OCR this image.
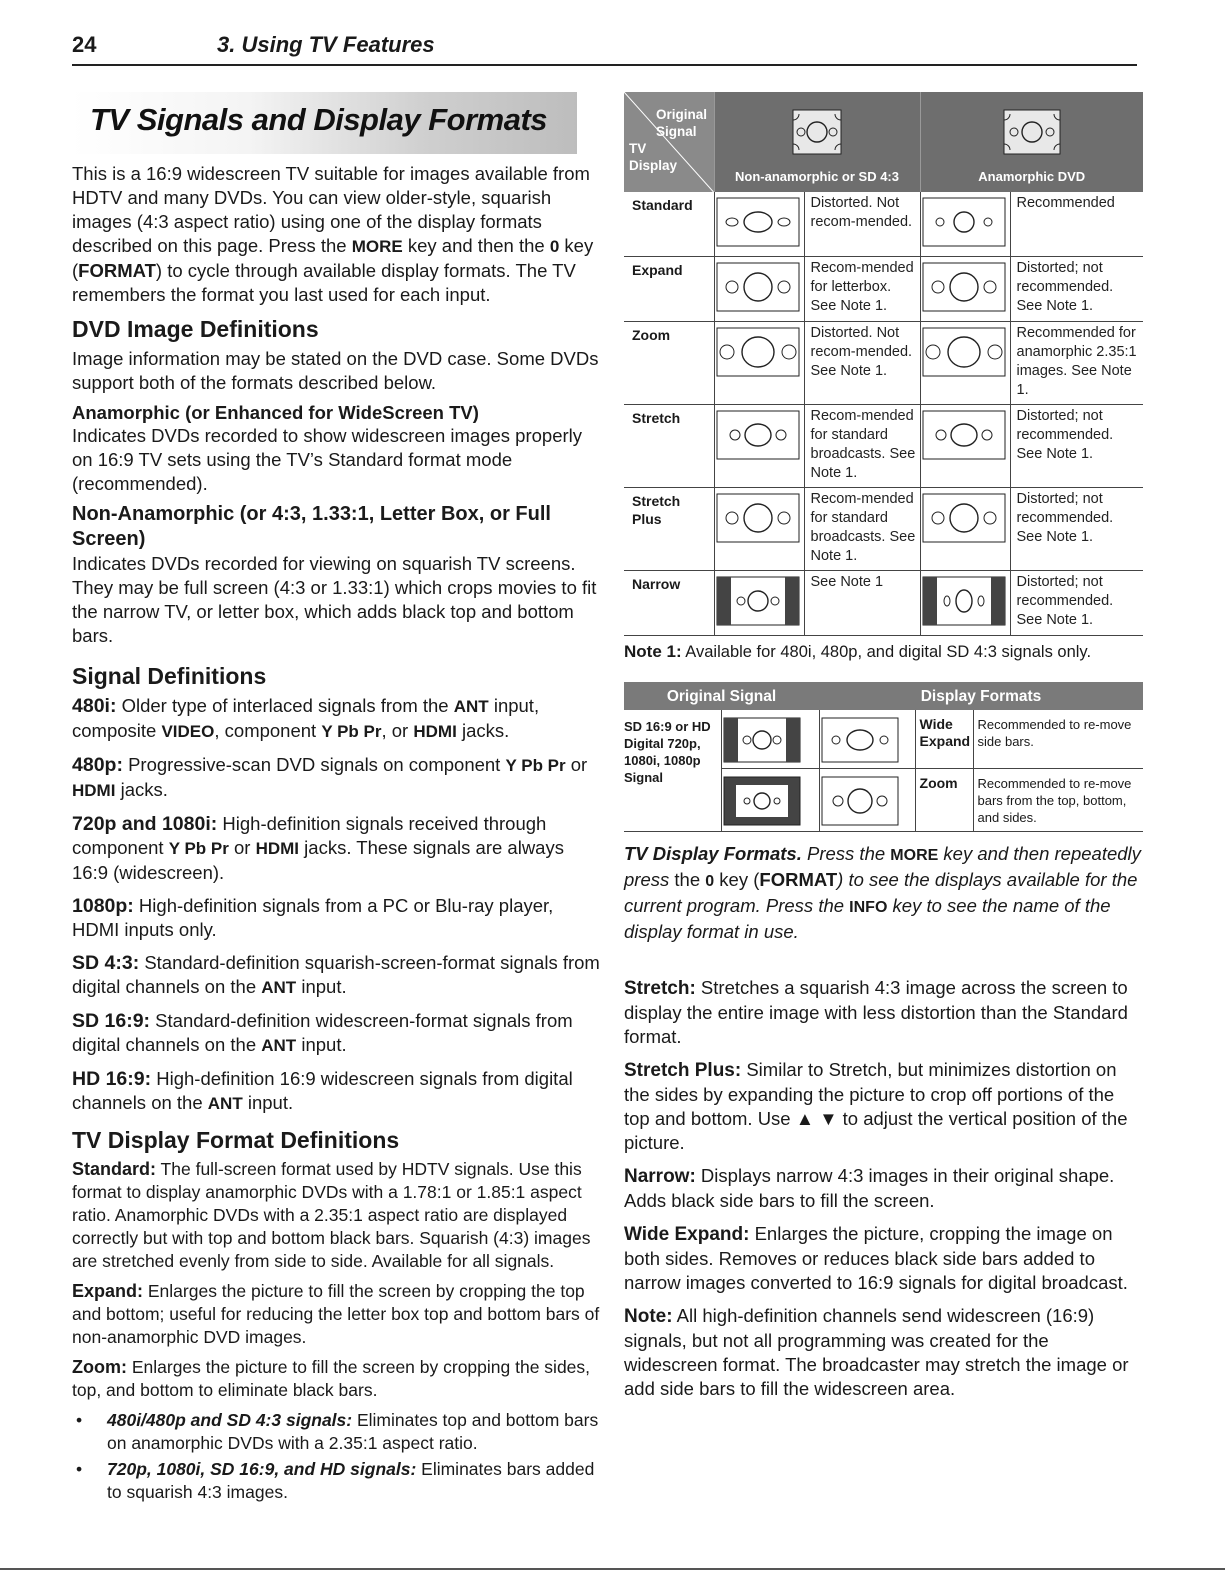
24	3. Using TV Features
TV Signals and Display Formats

This is a 16:9 widescreen TV suitable for images available from HDTV and many DVDs. You can view older-style, squarish images (4:3 aspect ratio) using one of the display formats described on this page. Press the MORE key and then the 0 key (FORMAT) to cycle through available display formats. The TV remembers the format you last used for each input.

DVD Image Definitions

Image information may be stated on the DVD case. Some DVDs support both of the formats described below.

Anamorphic (or Enhanced for WideScreen TV)

Indicates DVDs recorded to show widescreen images properly on 16:9 TV sets using the TV’s Standard format mode (recommended).

Non-Anamorphic (or 4:3, 1.33:1, Letter Box, or Full Screen)

Indicates DVDs recorded for viewing on squarish TV screens. They may be full screen (4:3 or 1.33:1) which crops movies to fit the narrow TV, or letter box, which adds black top and bottom bars.

Signal Definitions

480i: Older type of interlaced signals from the ANT input, composite VIDEO, component Y Pb Pr, or HDMI jacks.

480p: Progressive-scan DVD signals on component Y Pb Pr or HDMI jacks.

720p and 1080i: High-definition signals received through component Y Pb Pr or HDMI jacks. These signals are always 16:9 (widescreen).

1080p: High-definition signals from a PC or Blu-ray player, HDMI inputs only.

SD 4:3: Standard-definition squarish-screen-format signals from digital channels on the ANT input.

SD 16:9: Standard-definition widescreen-format signals from digital channels on the ANT input.

HD 16:9: High-definition 16:9 widescreen signals from digital channels on the ANT input.

TV Display Format Definitions

Standard: The full-screen format used by HDTV signals. Use this format to display anamorphic DVDs with a 1.78:1 or 1.85:1 aspect ratio. Anamorphic DVDs with a 2.35:1 aspect ratio are displayed correctly but with top and bottom black bars. Squarish (4:3) images are stretched evenly from side to side. Available for all signals.

Expand: Enlarges the picture to fill the screen by cropping the top and bottom; useful for reducing the letter box top and bottom bars of non-anamorphic DVD images.

Zoom: Enlarges the picture to fill the screen by cropping the sides, top, and bottom to eliminate black bars.

• 480i/480p and SD 4:3 signals: Eliminates top and bottom bars on anamorphic DVDs with a 2.35:1 aspect ratio.
• 720p, 1080i, SD 16:9, and HD signals: Eliminates bars added to squarish 4:3 images.
Original
Signal
TV
Display	Non-anamorphic or SD 4:3		Anamorphic DVD	

Standard		Distorted. Not recom-mended.		Recommended
Expand		Recom-mended for letterbox. See Note 1.		Distorted; not recommended. See Note 1.
Zoom		Distorted. Not recom-mended. See Note 1.		Recommended for anamorphic 2.35:1 images. See Note 1.
Stretch		Recom-mended for standard broadcasts. See Note 1.		Distorted; not recommended. See Note 1.
Stretch Plus		Recom-mended for standard broadcasts. See Note 1.		Distorted; not recommended. See Note 1.
Narrow		See Note 1		Distorted; not recommended. See Note 1.

Note 1: Available for 480i, 480p, and digital SD 4:3 signals only.

Original Signal		Display Formats		
SD 16:9 or HD Digital 720p, 1080i, 1080p Signal			Wide Expand	Recommended to re-move side bars.
		Zoom	Recommended to re-move bars from the top, bottom, and sides.

TV Display Formats. Press the MORE key and then repeatedly press the 0 key (FORMAT) to see the displays available for the current program. Press the INFO key to see the name of the display format in use.

Stretch: Stretches a squarish 4:3 image across the screen to display the entire image with less distortion than the Standard format.

Stretch Plus: Similar to Stretch, but minimizes distortion on the sides by expanding the picture to crop off portions of the top and bottom. Use ▲ ▼ to adjust the vertical position of the picture.

Narrow: Displays narrow 4:3 images in their original shape. Adds black side bars to fill the screen.

Wide Expand: Enlarges the picture, cropping the image on both sides. Removes or reduces black side bars added to narrow images converted to 16:9 signals for digital broadcast.

Note: All high-definition channels send widescreen (16:9) signals, but not all programming was created for the widescreen format. The broadcaster may stretch the image or add side bars to fill the widescreen area.
